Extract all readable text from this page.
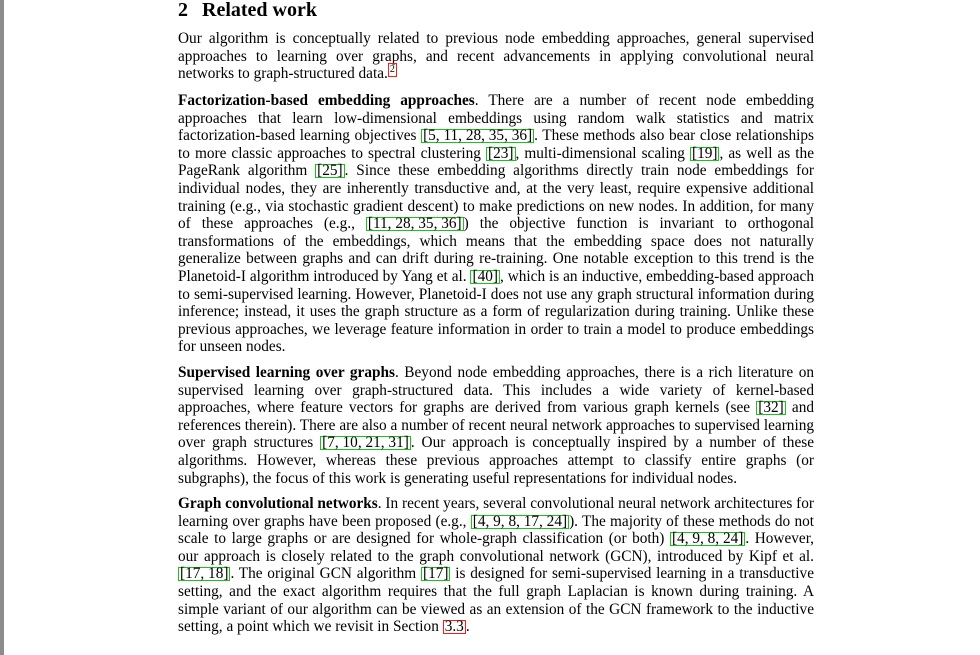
2 Related work

Our algorithm is conceptually related to previous node embedding approaches, general supervised approaches to learning over graphs, and recent advancements in applying convolutional neural networks to graph-structured data. 2

Factorization-based embedding approaches. There are a number of recent node embedding approaches that learn low-dimensional embeddings using random walk statistics and matrix factorization-based learning objectives [5, 11, 28, 35, 36] . These methods also bear close relationships to more classic approaches to spectral clustering [23] , multi-dimensional scaling [19] , as well as the PageRank algorithm [25] . Since these embedding algorithms directly train node embeddings for individual nodes, they are inherently transductive and, at the very least, require expensive additional training (e.g., via stochastic gradient descent) to make predictions on new nodes. In addition, for many of these approaches (e.g., [11, 28, 35, 36] ) the objective function is invariant to orthogonal transformations of the embeddings, which means that the embedding space does not naturally generalize between graphs and can drift during re-training. One notable exception to this trend is the Planetoid-I algorithm introduced by Yang et al. [40] , which is an inductive, embedding-based approach to semi-supervised learning. However, Planetoid-I does not use any graph structural information during inference; instead, it uses the graph structure as a form of regularization during training. Unlike these previous approaches, we leverage feature information in order to train a model to produce embeddings for unseen nodes.

Supervised learning over graphs. Beyond node embedding approaches, there is a rich literature on supervised learning over graph-structured data. This includes a wide variety of kernel-based approaches, where feature vectors for graphs are derived from various graph kernels (see [32] and references therein). There are also a number of recent neural network approaches to supervised learning over graph structures [7, 10, 21, 31] . Our approach is conceptually inspired by a number of these algorithms. However, whereas these previous approaches attempt to classify entire graphs (or subgraphs), the focus of this work is generating useful representations for individual nodes.

Graph convolutional networks. In recent years, several convolutional neural network architectures for learning over graphs have been proposed (e.g., [4, 9, 8, 17, 24] ). The majority of these methods do not scale to large graphs or are designed for whole-graph classification (or both) [4, 9, 8, 24] . However, our approach is closely related to the graph convolutional network (GCN), introduced by Kipf et al. [17, 18] . The original GCN algorithm [17] is designed for semi-supervised learning in a transductive setting, and the exact algorithm requires that the full graph Laplacian is known during training. A simple variant of our algorithm can be viewed as an extension of the GCN framework to the inductive setting, a point which we revisit in Section 3.3 .
